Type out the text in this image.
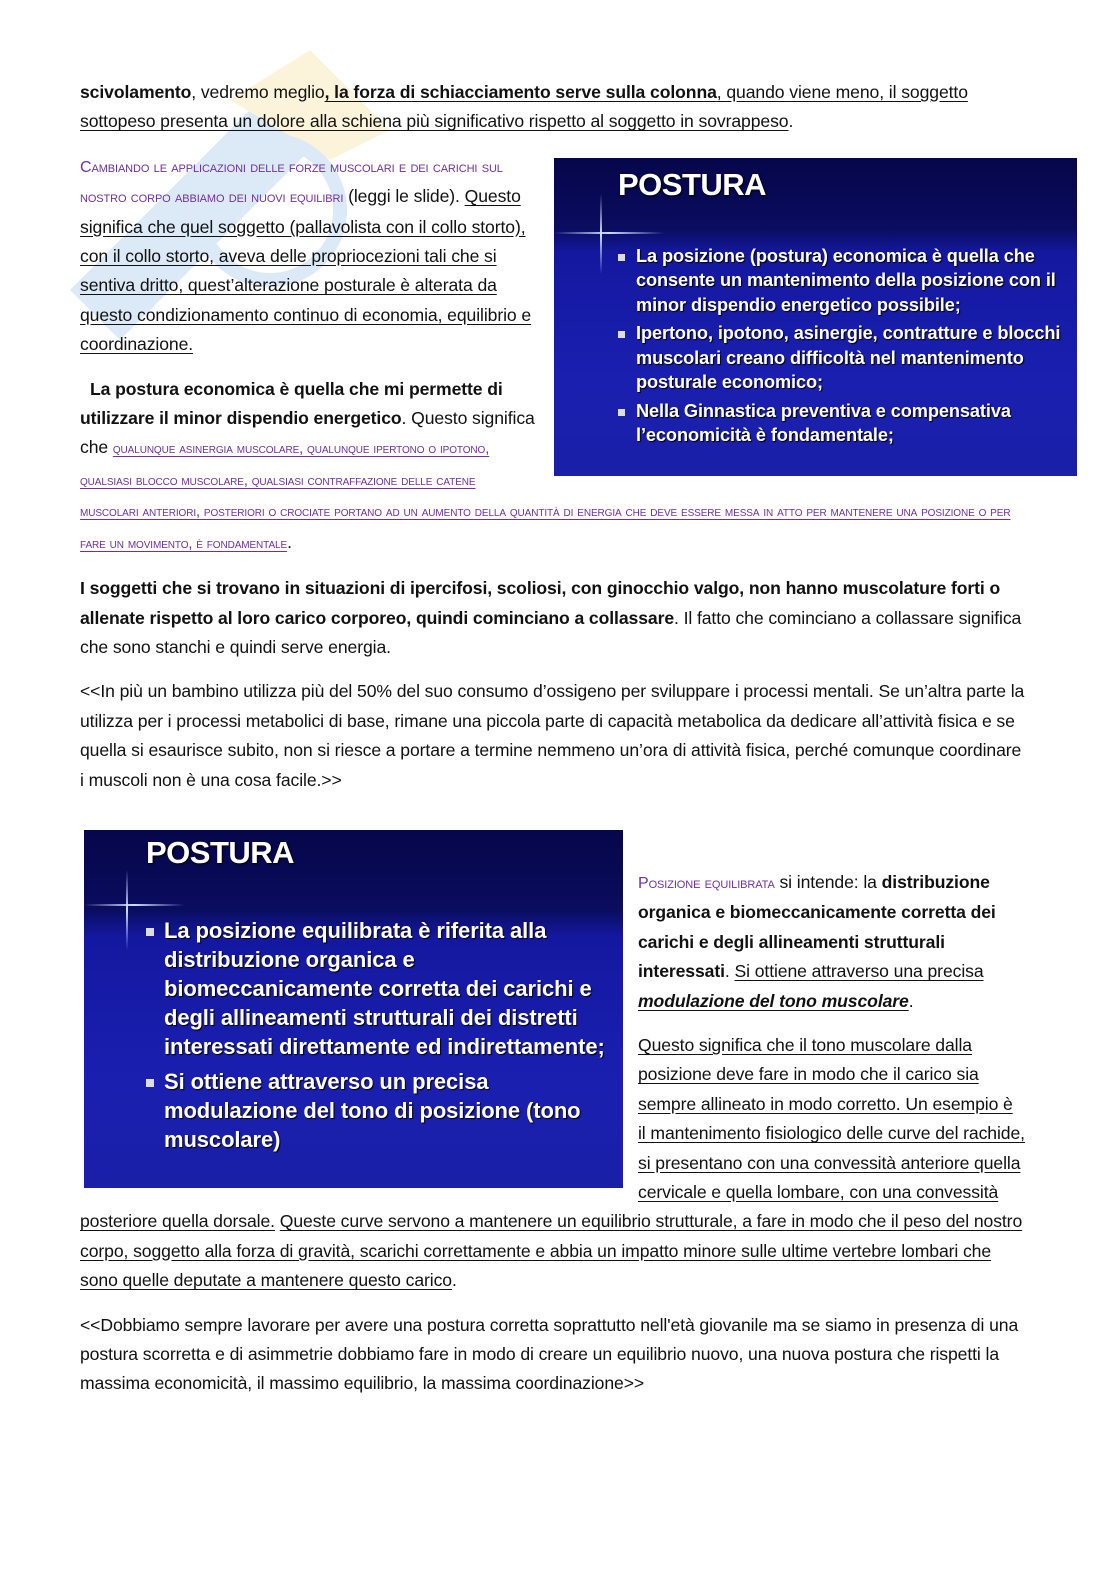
scivolamento, vedremo meglio, la forza di schiacciamento serve sulla colonna, quando viene meno, il soggetto sottopeso presenta un dolore alla schiena più significativo rispetto al soggetto in sovrappeso.

POSTURA
La posizione (postura) economica è quella che consente un mantenimento della posizione con il minor dispendio energetico possibile;
Ipertono, ipotono, asinergie, contratture e blocchi muscolari creano difficoltà nel mantenimento posturale economico;
Nella Ginnastica preventiva e compensativa l’economicità è fondamentale;

Cambiando le applicazioni delle forze muscolari e dei carichi sul nostro corpo abbiamo dei nuovi equilibri (leggi le slide). Questo significa che quel soggetto (pallavolista con il collo storto), con il collo storto, aveva delle propriocezioni tali che si sentiva dritto, quest’alterazione posturale è alterata da questo condizionamento continuo di economia, equilibrio e coordinazione.

La postura economica è quella che mi permette di utilizzare il minor dispendio energetico. Questo significa che qualunque asinergia muscolare, qualunque ipertono o ipotono, qualsiasi blocco muscolare, qualsiasi contraffazione delle catene muscolari anteriori, posteriori o crociate portano ad un aumento della quantità di energia che deve essere messa in atto per mantenere una posizione o per fare un movimento, è fondamentale.

I soggetti che si trovano in situazioni di ipercifosi, scoliosi, con ginocchio valgo, non hanno muscolature forti o allenate rispetto al loro carico corporeo, quindi cominciano a collassare. Il fatto che cominciano a collassare significa che sono stanchi e quindi serve energia.

<<In più un bambino utilizza più del 50% del suo consumo d’ossigeno per sviluppare i processi mentali. Se un’altra parte la utilizza per i processi metabolici di base, rimane una piccola parte di capacità metabolica da dedicare all’attività fisica e se quella si esaurisce subito, non si riesce a portare a termine nemmeno un’ora di attività fisica, perché comunque coordinare i muscoli non è una cosa facile.>>

POSTURA
La posizione equilibrata è riferita alla distribuzione organica e biomeccanicamente corretta dei carichi e degli allineamenti strutturali dei distretti interessati direttamente ed indirettamente;
Si ottiene attraverso un precisa modulazione del tono di posizione (tono muscolare)

Posizione equilibrata si intende: la distribuzione organica e biomeccanicamente corretta dei carichi e degli allineamenti strutturali interessati. Si ottiene attraverso una precisa modulazione del tono muscolare.

Questo significa che il tono muscolare dalla posizione deve fare in modo che il carico sia sempre allineato in modo corretto. Un esempio è il mantenimento fisiologico delle curve del rachide, si presentano con una convessità anteriore quella cervicale e quella lombare, con una convessità posteriore quella dorsale. Queste curve servono a mantenere un equilibrio strutturale, a fare in modo che il peso del nostro corpo, soggetto alla forza di gravità, scarichi correttamente e abbia un impatto minore sulle ultime vertebre lombari che sono quelle deputate a mantenere questo carico.

<<Dobbiamo sempre lavorare per avere una postura corretta soprattutto nell'età giovanile ma se siamo in presenza di una postura scorretta e di asimmetrie dobbiamo fare in modo di creare un equilibrio nuovo, una nuova postura che rispetti la massima economicità, il massimo equilibrio, la massima coordinazione>>
